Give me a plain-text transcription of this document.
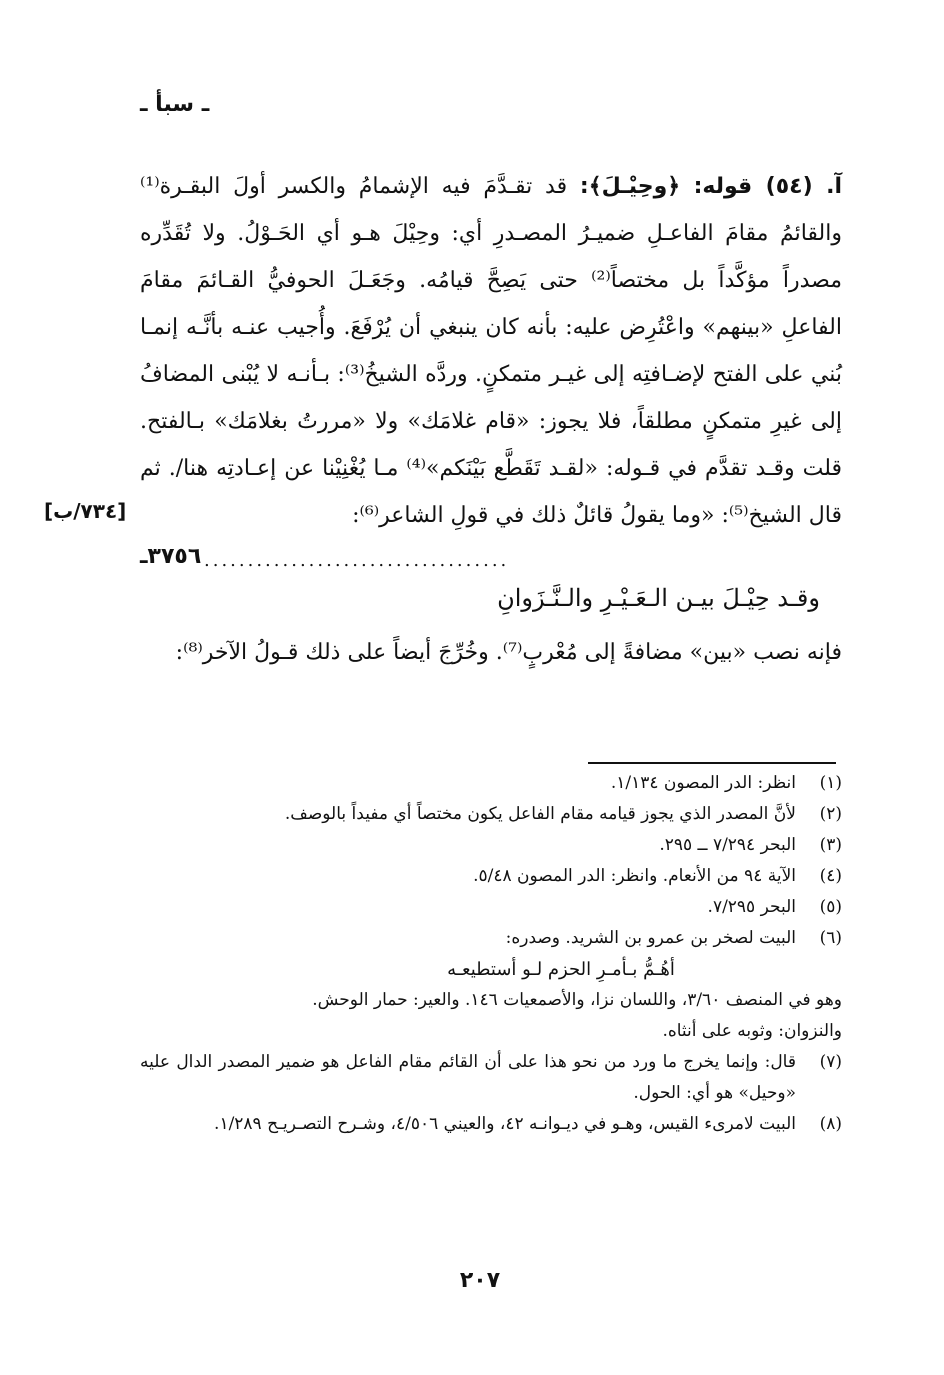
ـ سبأ ـ

آ. (٥٤) قوله: ﴿وحِيْـلَ﴾: قد تقـدَّمَ فيه الإشمامُ والكسر أولَ البقـرة⁽¹⁾ والقائمُ مقامَ الفاعـلِ ضميـرُ المصـدرِ أي: وحِيْلَ هـو أي الحَـوْلُ. ولا تُقَدِّره مصدراً مؤكَّداً بل مختصاً⁽²⁾ حتى يَصِحَّ قيامُه. وجَعَـلَ الحوفيُّ القـائمَ مقامَ الفاعلِ «بينهم» واعْتُرِض عليه: بأنه كان ينبغي أن يُرْفَعَ. وأُجيب عنـه بأنَّـه إنمـا بُني على الفتح لإضـافتِه إلى غيـر متمكنٍ. وردَّه الشيخُ⁽³⁾: بـأنـه لا يُبْنى المضافُ إلى غيرِ متمكنٍ مطلقاً، فلا يجوز: «قام غلامَك» ولا «مررتُ بغلامَك» بـالفتح. قلت وقـد تقدَّم في قـوله: «لقـد تَقَطَّع بَيْنَكم»⁽⁴⁾ مـا يُغْنِيْنا عن إعـادتِه هنا/. ثم قال الشيخ⁽⁵⁾: «وما يقولُ قائلٌ ذلك في قولِ الشاعر⁽⁶⁾:

[٧٣٤/ب]
٣٧٥٦ـ ...................................
وقـد حِيْـلَ بيـن الـعَـيْـرِ والـنَّـزَوانِ
فإنه نصب «بين» مضافةً إلى مُعْربٍ⁽⁷⁾. وخُرِّجَ أيضاً على ذلك قـولُ الآخر⁽⁸⁾:
(١)
انظر: الدر المصون ١/١٣٤.
(٢)
لأنَّ المصدر الذي يجوز قيامه مقام الفاعل يكون مختصاً أي مفيداً بالوصف.
(٣)
البحر ٧/٢٩٤ ــ ٢٩٥.
(٤)
الآية ٩٤ من الأنعام. وانظر: الدر المصون ٥/٤٨.
(٥)
البحر ٧/٢٩٥.
(٦)
البيت لصخر بن عمرو بن الشريد. وصدره:
أهُـمُّ بـأمـرِ الحزم لـو أستطيعـه
وهو في المنصف ٣/٦٠، واللسان نزا، والأصمعيات ١٤٦. والعير: حمار الوحش.
والنزوان: وثوبه على أنثاه.
(٧)
قال: وإنما يخرج ما ورد من نحو هذا على أن القائم مقام الفاعل هو ضمير المصدر الدال عليه «وحيل» هو أي: الحول.
(٨)
البيت لامرىء القيس، وهـو في ديـوانـه ٤٢، والعيني ٤/٥٠٦، وشـرح التصـريـح ١/٢٨٩.
٢٠٧
